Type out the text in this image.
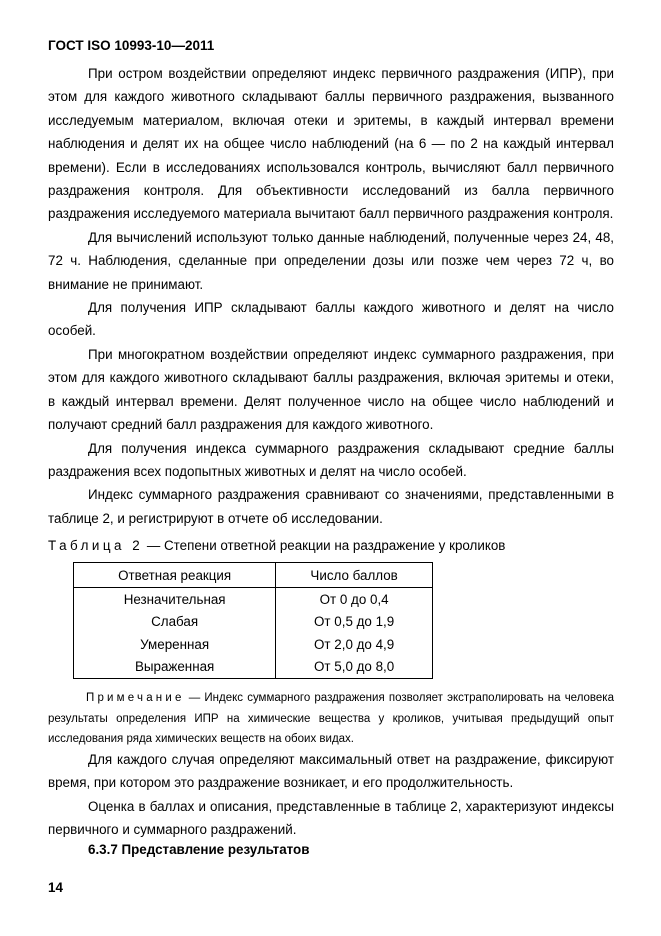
ГОСТ ISO 10993-10—2011

При остром воздействии определяют индекс первичного раздражения (ИПР), при этом для каждого животного складывают баллы первичного раздражения, вызванного исследуемым материалом, включая отеки и эритемы, в каждый интервал времени наблюдения и делят их на общее число наблюдений (на 6 — по 2 на каждый интервал времени). Если в исследованиях использовался контроль, вычисляют балл первичного раздражения контроля. Для объективности исследований из балла первичного раздражения исследуемого материала вычитают балл первичного раздражения контроля.

Для вычислений используют только данные наблюдений, полученные через 24, 48, 72 ч. Наблюдения, сделанные при определении дозы или позже чем через 72 ч, во внимание не принимают.

Для получения ИПР складывают баллы каждого животного и делят на число особей.

При многократном воздействии определяют индекс суммарного раздражения, при этом для каждого животного складывают баллы раздражения, включая эритемы и отеки, в каждый интервал времени. Делят полученное число на общее число наблюдений и получают средний балл раздражения для каждого животного.

Для получения индекса суммарного раздражения складывают средние баллы раздражения всех подопытных животных и делят на число особей.

Индекс суммарного раздражения сравнивают со значениями, представленными в таблице 2, и регистрируют в отчете об исследовании.

Таблица 2 — Степени ответной реакции на раздражение у кроликов
Ответная реакция	Число баллов
Незначительная	От 0 до 0,4
Слабая	От 0,5 до 1,9
Умеренная	От 2,0 до 4,9
Выраженная	От 5,0 до 8,0
Примечание — Индекс суммарного раздражения позволяет экстраполировать на человека результаты определения ИПР на химические вещества у кроликов, учитывая предыдущий опыт исследования ряда химических веществ на обоих видах.

Для каждого случая определяют максимальный ответ на раздражение, фиксируют время, при котором это раздражение возникает, и его продолжительность.

Оценка в баллах и описания, представленные в таблице 2, характеризуют индексы первичного и суммарного раздражений.

6.3.7 Представление результатов
14
